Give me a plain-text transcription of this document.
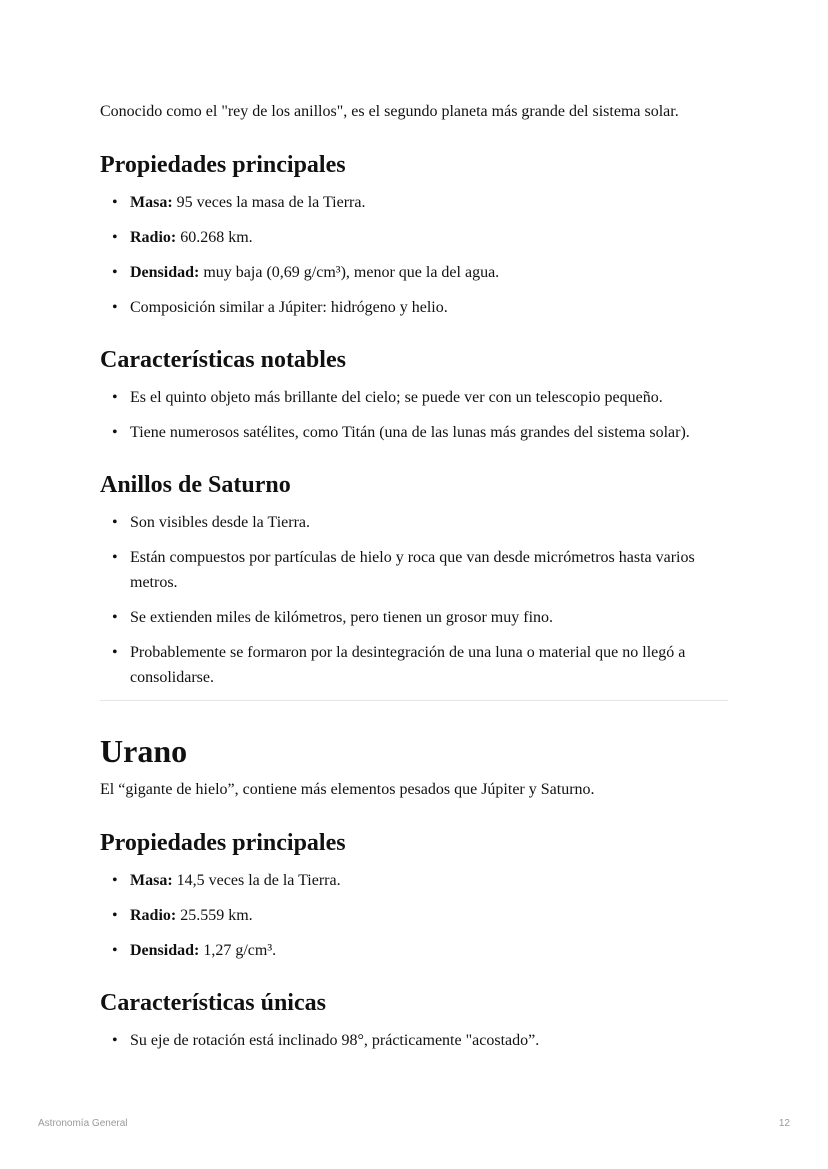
Conocido como el "rey de los anillos", es el segundo planeta más grande del sistema solar.

Propiedades principales
• Masa: 95 veces la masa de la Tierra.
• Radio: 60.268 km.
• Densidad: muy baja (0,69 g/cm³), menor que la del agua.
• Composición similar a Júpiter: hidrógeno y helio.
Características notables
• Es el quinto objeto más brillante del cielo; se puede ver con un telescopio pequeño.
• Tiene numerosos satélites, como Titán (una de las lunas más grandes del sistema solar).
Anillos de Saturno
• Son visibles desde la Tierra.
• Están compuestos por partículas de hielo y roca que van desde micrómetros hasta varios metros.
• Se extienden miles de kilómetros, pero tienen un grosor muy fino.
• Probablemente se formaron por la desintegración de una luna o material que no llegó a consolidarse.
Urano

El “gigante de hielo”, contiene más elementos pesados que Júpiter y Saturno.

Propiedades principales
• Masa: 14,5 veces la de la Tierra.
• Radio: 25.559 km.
• Densidad: 1,27 g/cm³.
Características únicas
• Su eje de rotación está inclinado 98°, prácticamente "acostado”.
Astronomía General	12
